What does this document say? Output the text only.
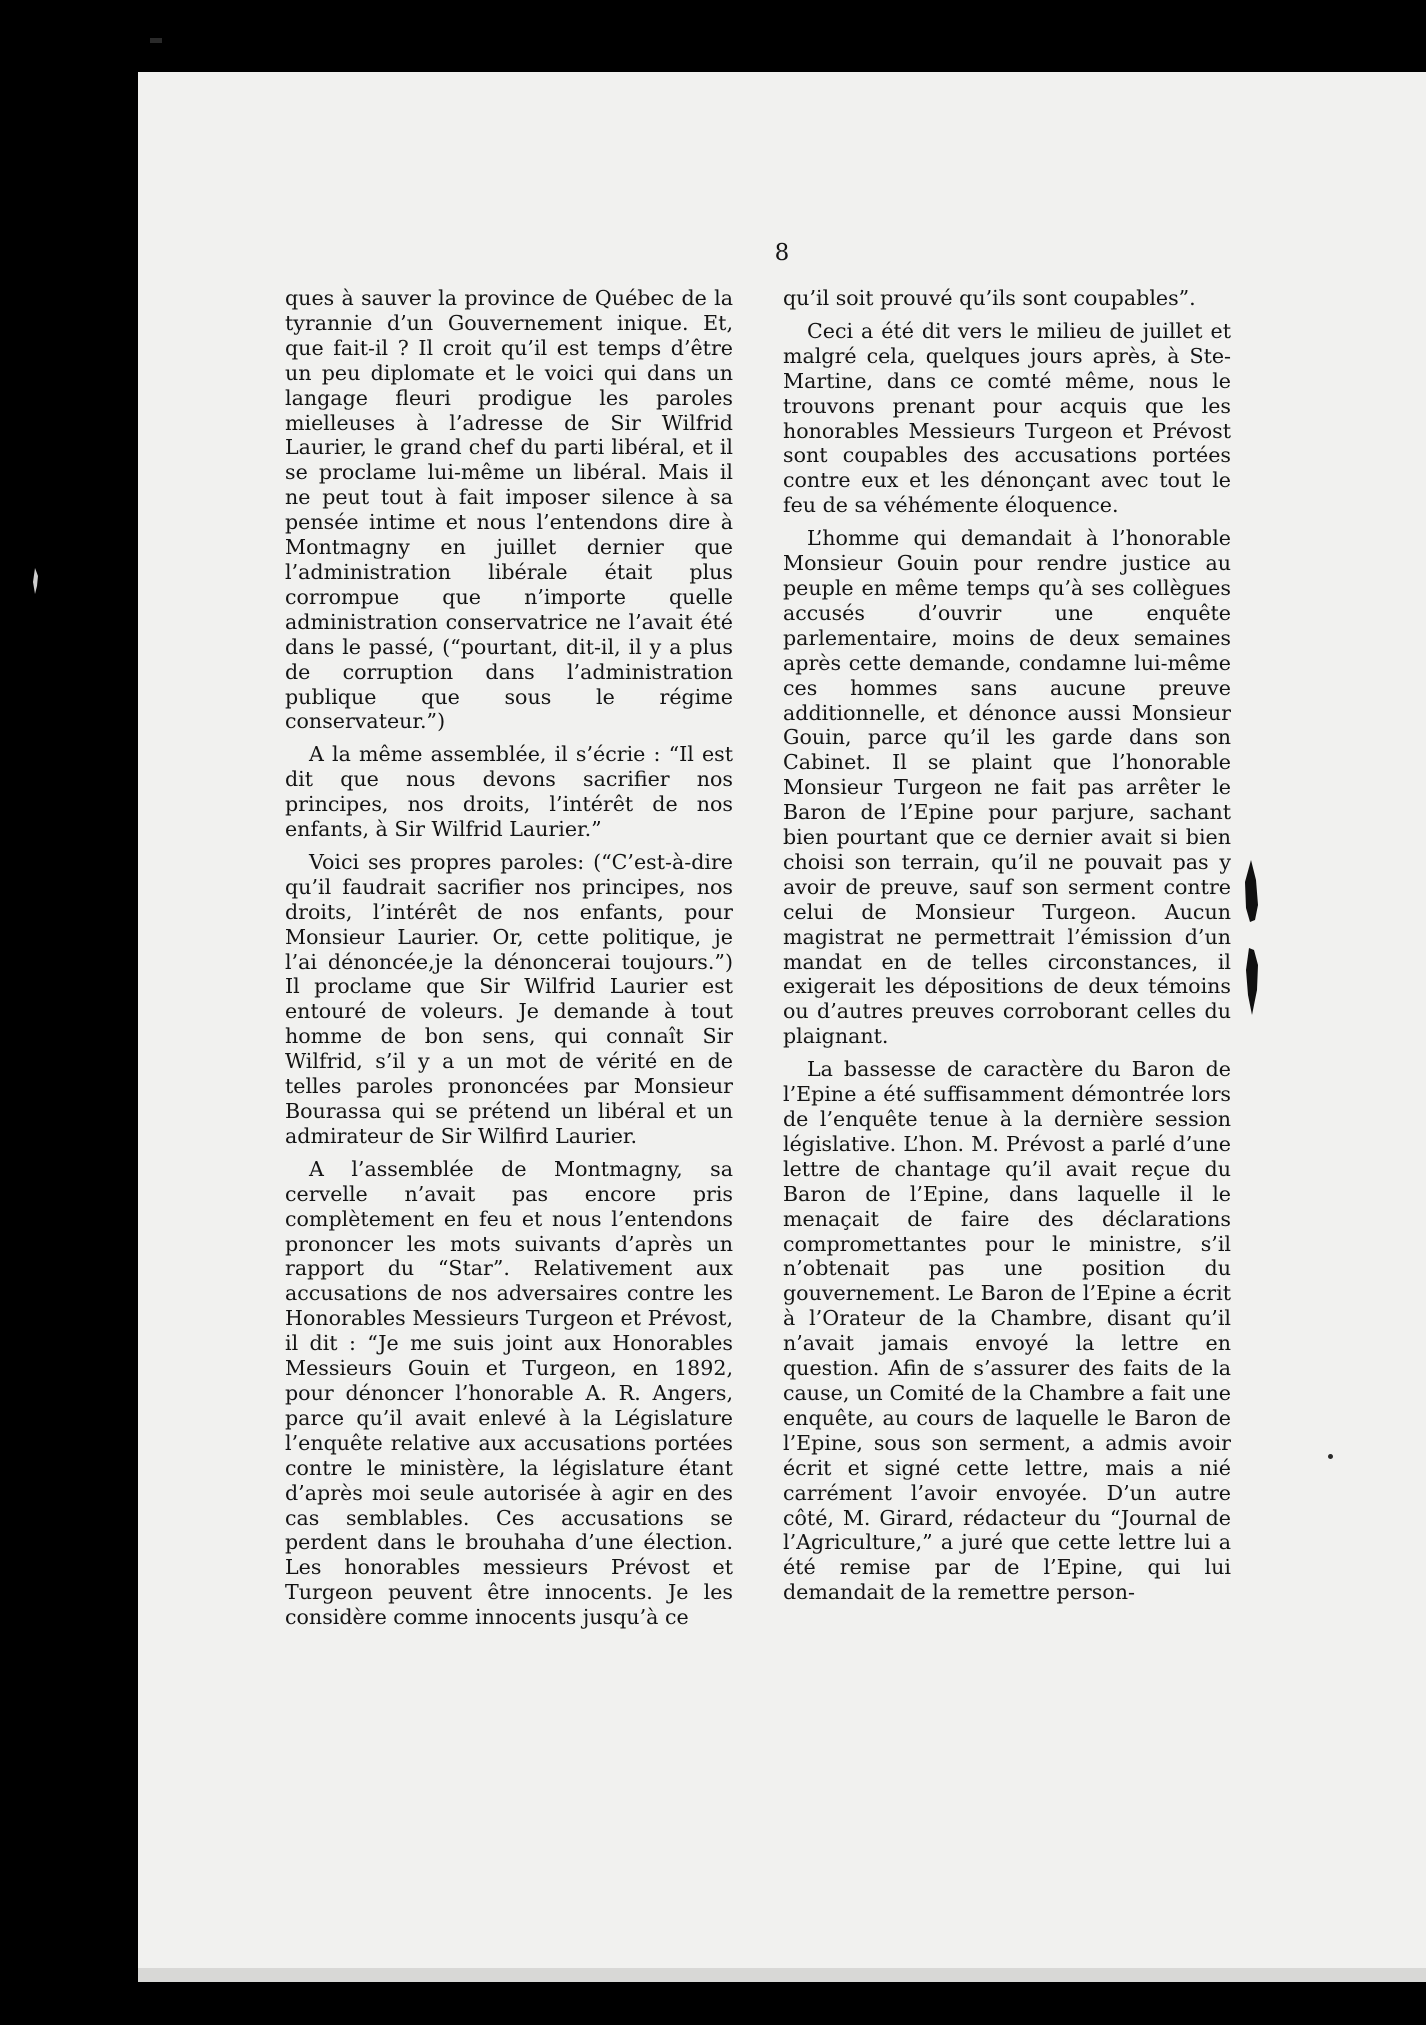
8

ques à sauver la province de Québec de la tyrannie d’un Gouvernement inique. Et, que fait-il ? Il croit qu’il est temps d’être un peu diplomate et le voici qui dans un langage fleuri prodigue les paroles mielleuses à l’adresse de Sir Wilfrid Laurier, le grand chef du parti libéral, et il se proclame lui-même un libéral. Mais il ne peut tout à fait imposer silence à sa pensée intime et nous l’entendons dire à Montmagny en juillet dernier que l’administration libérale était plus corrompue que n’importe quelle administration conservatrice ne l’avait été dans le passé, (“pourtant, dit-il, il y a plus de corruption dans l’administration publique que sous le régime conservateur.”)

A la même assemblée, il s’écrie : “Il est dit que nous devons sacrifier nos principes, nos droits, l’intérêt de nos enfants, à Sir Wilfrid Laurier.”

Voici ses propres paroles: (“C’est-à-dire qu’il faudrait sacrifier nos principes, nos droits, l’intérêt de nos enfants, pour Monsieur Laurier. Or, cette politique, je l’ai dénoncée,je la dénoncerai toujours.”) Il proclame que Sir Wilfrid Laurier est entouré de voleurs. Je demande à tout homme de bon sens, qui connaît Sir Wilfrid, s’il y a un mot de vérité en de telles paroles prononcées par Monsieur Bourassa qui se prétend un libéral et un admirateur de Sir Wilfird Laurier.

A l’assemblée de Montmagny, sa cervelle n’avait pas encore pris complètement en feu et nous l’entendons prononcer les mots suivants d’après un rapport du “Star”. Relativement aux accusations de nos adversaires contre les Honorables Messieurs Turgeon et Prévost, il dit : “Je me suis joint aux Honorables Messieurs Gouin et Turgeon, en 1892, pour dénoncer l’honorable A. R. Angers, parce qu’il avait enlevé à la Législature l’enquête relative aux accusations portées contre le ministère, la législature étant d’après moi seule autorisée à agir en des cas semblables. Ces accusations se perdent dans le brouhaha d’une élection. Les honorables messieurs Prévost et Turgeon peuvent être innocents. Je les considère comme innocents jusqu’à ce

qu’il soit prouvé qu’ils sont coupables”.

Ceci a été dit vers le milieu de juillet et malgré cela, quelques jours après, à Ste-Martine, dans ce comté même, nous le trouvons prenant pour acquis que les honorables Messieurs Turgeon et Prévost sont coupables des accusations portées contre eux et les dénonçant avec tout le feu de sa véhémente éloquence.

L’homme qui demandait à l’honorable Monsieur Gouin pour rendre justice au peuple en même temps qu’à ses collègues accusés d’ouvrir une enquête parlementaire, moins de deux semaines après cette demande, condamne lui-même ces hommes sans aucune preuve additionnelle, et dénonce aussi Monsieur Gouin, parce qu’il les garde dans son Cabinet. Il se plaint que l’honorable Monsieur Turgeon ne fait pas arrêter le Baron de l’Epine pour parjure, sachant bien pourtant que ce dernier avait si bien choisi son terrain, qu’il ne pouvait pas y avoir de preuve, sauf son serment contre celui de Monsieur Turgeon. Aucun magistrat ne permettrait l’émission d’un mandat en de telles circonstances, il exigerait les dépositions de deux témoins ou d’autres preuves corroborant celles du plaignant.

La bassesse de caractère du Baron de l’Epine a été suffisamment démontrée lors de l’enquête tenue à la dernière session législative. L’hon. M. Prévost a parlé d’une lettre de chantage qu’il avait reçue du Baron de l’Epine, dans laquelle il le menaçait de faire des déclarations compromettantes pour le ministre, s’il n’obtenait pas une position du gouvernement. Le Baron de l’Epine a écrit à l’Orateur de la Chambre, disant qu’il n’avait jamais envoyé la lettre en question. Afin de s’assurer des faits de la cause, un Comité de la Chambre a fait une enquête, au cours de laquelle le Baron de l’Epine, sous son serment, a admis avoir écrit et signé cette lettre, mais a nié carrément l’avoir envoyée. D’un autre côté, M. Girard, rédacteur du “Journal de l’Agriculture,” a juré que cette lettre lui a été remise par de l’Epine, qui lui demandait de la remettre person-
